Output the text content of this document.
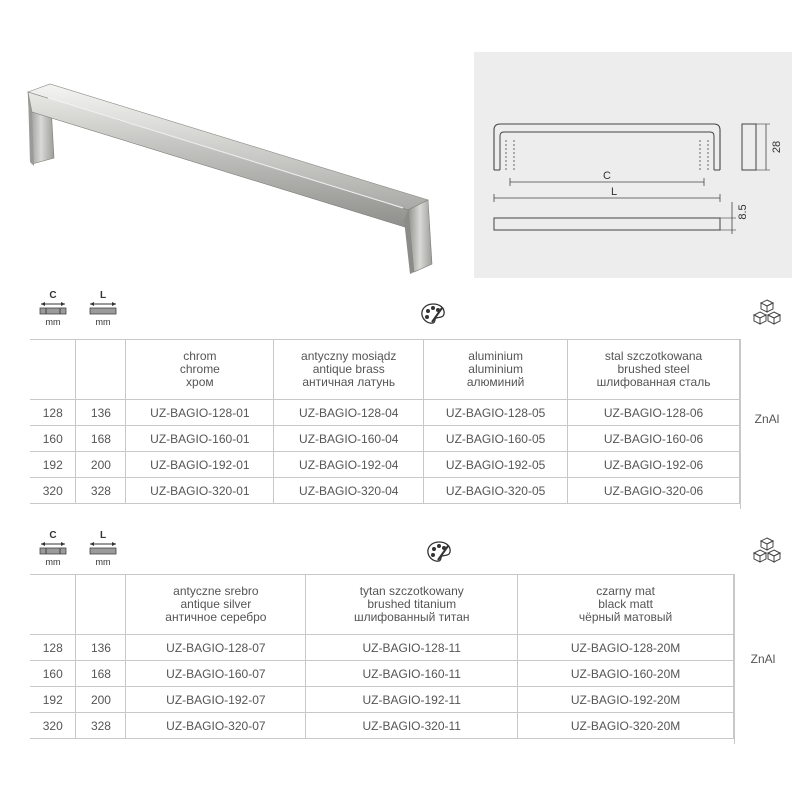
C
L
8.5
28
C
mm
L
mm

		chrom
chrome
хром	antyczny mosiądz
antique brass
античная латунь	aluminium
aluminium
алюминий	stal szczotkowana
brushed steel
шлифованная сталь

128	136	UZ-BAGIO-128-01	UZ-BAGIO-128-04	UZ-BAGIO-128-05	UZ-BAGIO-128-06
160	168	UZ-BAGIO-160-01	UZ-BAGIO-160-04	UZ-BAGIO-160-05	UZ-BAGIO-160-06
192	200	UZ-BAGIO-192-01	UZ-BAGIO-192-04	UZ-BAGIO-192-05	UZ-BAGIO-192-06
320	328	UZ-BAGIO-320-01	UZ-BAGIO-320-04	UZ-BAGIO-320-05	UZ-BAGIO-320-06
ZnAl
C
mm
L
mm

		antyczne srebro
antique silver
античное серебро	tytan szczotkowany
brushed titanium
шлифованный титан	czarny mat
black matt
чёрный матовый

128	136	UZ-BAGIO-128-07	UZ-BAGIO-128-11	UZ-BAGIO-128-20M
160	168	UZ-BAGIO-160-07	UZ-BAGIO-160-11	UZ-BAGIO-160-20M
192	200	UZ-BAGIO-192-07	UZ-BAGIO-192-11	UZ-BAGIO-192-20M
320	328	UZ-BAGIO-320-07	UZ-BAGIO-320-11	UZ-BAGIO-320-20M
ZnAl
